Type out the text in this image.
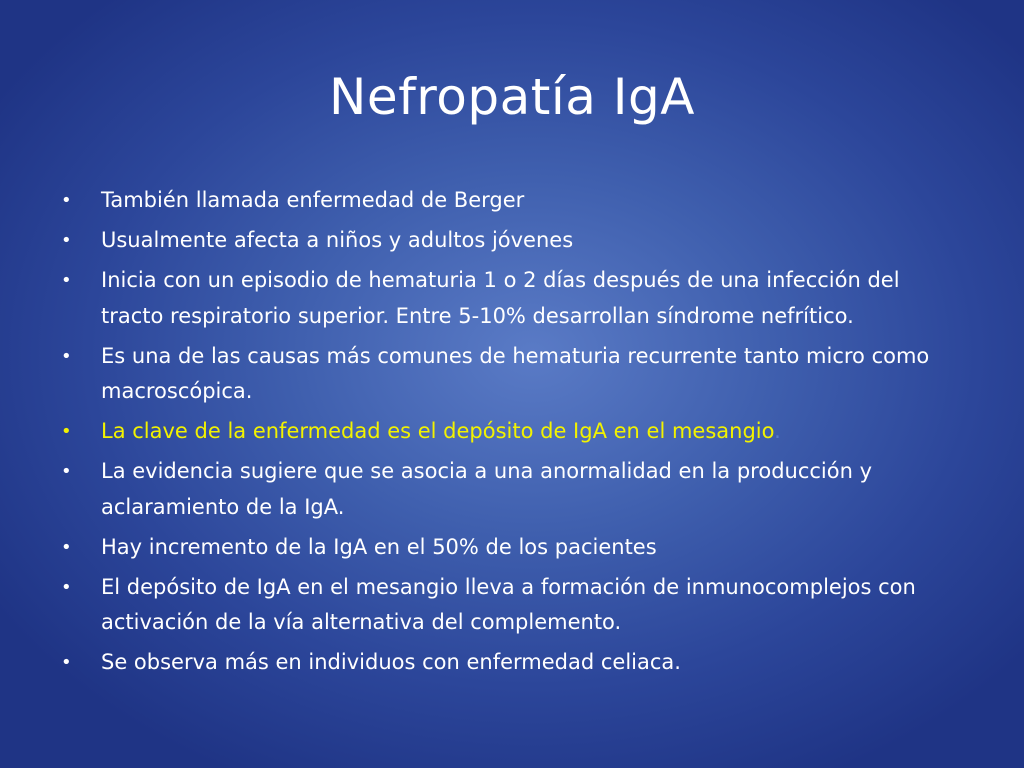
Nefropatía IgA
• También llamada enfermedad de Berger
• Usualmente afecta a niños y adultos jóvenes
• Inicia con un episodio de hematuria 1 o 2 días después de una infección del tracto respiratorio superior. Entre 5-10% desarrollan síndrome nefrítico.
• Es una de las causas más comunes de hematuria recurrente tanto micro como macroscópica.
• La clave de la enfermedad es el depósito de IgA en el mesangio.
• La evidencia sugiere que se asocia a una anormalidad en la producción y aclaramiento de la IgA.
• Hay incremento de la IgA en el 50% de los pacientes
• El depósito de IgA en el mesangio lleva a formación de inmunocomplejos con activación de la vía alternativa del complemento.
• Se observa más en individuos con enfermedad celiaca.
